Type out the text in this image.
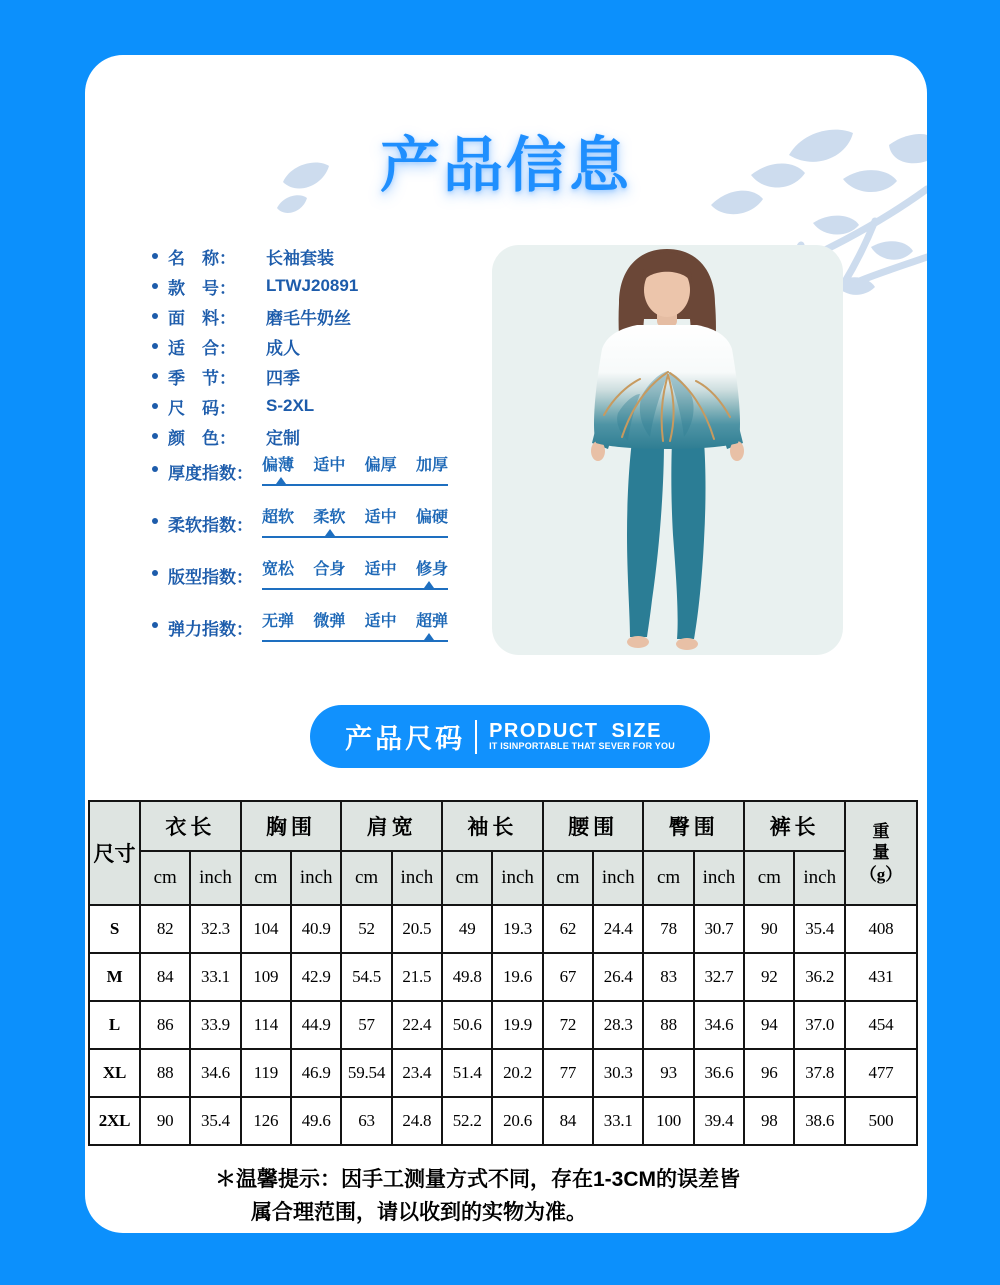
产品信息
名　称：	长袖套装
款　号：	LTWJ20891
面　料：	磨毛牛奶丝
适　合：	成人
季　节：	四季
尺　码：	S-2XL
颜　色：	定制
厚度指数： 偏薄 适中 偏厚 加厚
柔软指数： 超软 柔软 适中 偏硬
版型指数： 宽松 合身 适中 修身
弹力指数： 无弹 微弹 适中 超弹
产品尺码 PRODUCT SIZE
IT ISINPORTABLE THAT SEVER FOR YOU
尺寸	衣长		胸围		肩宽		袖长		腰围		臀围		裤长		重
量
（g）

	cm	inch	cm	inch	cm	inch	cm	inch	cm	inch	cm	inch	cm	inch	
S	82	32.3	104	40.9	52	20.5	49	19.3	62	24.4	78	30.7	90	35.4	408
M	84	33.1	109	42.9	54.5	21.5	49.8	19.6	67	26.4	83	32.7	92	36.2	431
L	86	33.9	114	44.9	57	22.4	50.6	19.9	72	28.3	88	34.6	94	37.0	454
XL	88	34.6	119	46.9	59.54	23.4	51.4	20.2	77	30.3	93	36.6	96	37.8	477
2XL	90	35.4	126	49.6	63	24.8	52.2	20.6	84	33.1	100	39.4	98	38.6	500
＊温馨提示：因手工测量方式不同，存在1-3CM的误差皆
属合理范围，请以收到的实物为准。
